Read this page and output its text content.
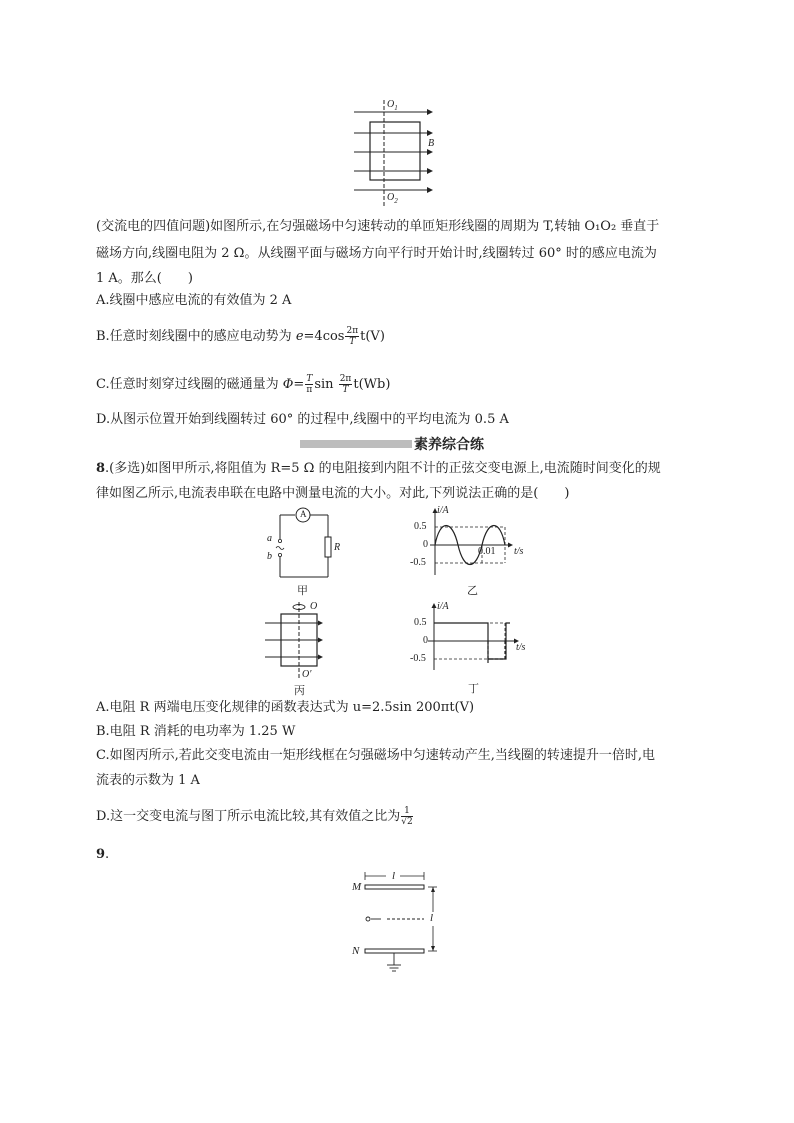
$O_1$
$O_2$
B
(交流电的四值问题)如图所示,在匀强磁场中匀速转动的单匝矩形线圈的周期为 T,转轴 O₁O₂ 垂直于
磁场方向,线圈电阻为 2 Ω。从线圈平面与磁场方向平行时开始计时,线圈转过 60° 时的感应电流为
1 A。那么(　　)
A.线圈中感应电流的有效值为 2 A
B.任意时刻线圈中的感应电动势为 $e=4\cos \frac{2\pi}{T} t(V)$
C.任意时刻穿过线圈的磁通量为 $\Phi= \frac{T}{\pi}$ $\sin \frac{2\pi}{T} t(Wb)$
D.从图示位置开始到线圈转过 60° 的过程中,线圈中的平均电流为 0.5 A
素养综合练
8.(多选)如图甲所示,将阻值为 R=5 Ω 的电阻接到内阻不计的正弦交变电源上,电流随时间变化的规
律如图乙所示,电流表串联在电路中测量电流的大小。对此,下列说法正确的是(　　)
A
a
b
R
甲
i/A
0.5
0
-0.5
0.01 t/s
乙
O
O′
丙
i/A
0.5
0
-0.5
t/s
丁
A.电阻 R 两端电压变化规律的函数表达式为 u=2.5sin 200πt(V)
B.电阻 R 消耗的电功率为 1.25 W
C.如图丙所示,若此交变电流由一矩形线框在匀强磁场中匀速转动产生,当线圈的转速提升一倍时,电
流表的示数为 1 A
D.这一交变电流与图丁所示电流比较,其有效值之比为 $\frac{1}{√2}$
9.
M
N
l
l
